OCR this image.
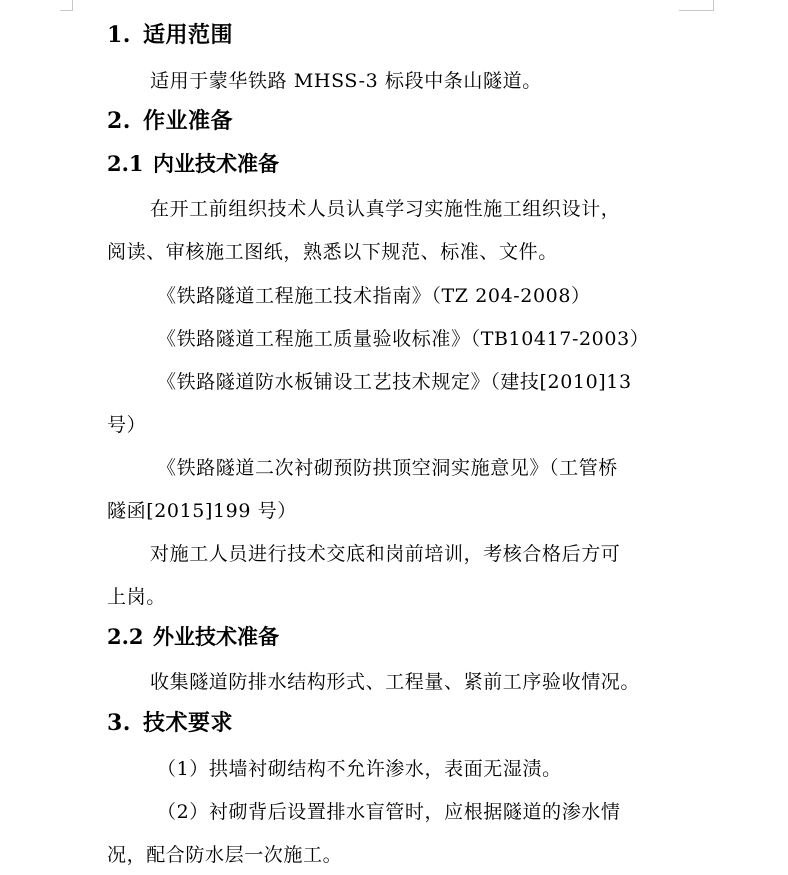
1. 适用范围
适用于蒙华铁路 MHSS-3 标段中条山隧道。
2. 作业准备
2.1 内业技术准备
在开工前组织技术人员认真学习实施性施工组织设计，
阅读、审核施工图纸，熟悉以下规范、标准、文件。
《铁路隧道工程施工技术指南》（TZ 204-2008）
《铁路隧道工程施工质量验收标准》（TB10417-2003）
《铁路隧道防水板铺设工艺技术规定》（建技[2010]13
号）
《铁路隧道二次衬砌预防拱顶空洞实施意见》（工管桥
隧函[2015]199 号）
对施工人员进行技术交底和岗前培训，考核合格后方可
上岗。
2.2 外业技术准备
收集隧道防排水结构形式、工程量、紧前工序验收情况。
3. 技术要求
（1）拱墙衬砌结构不允许渗水，表面无湿渍。
（2）衬砌背后设置排水盲管时，应根据隧道的渗水情
况，配合防水层一次施工。
